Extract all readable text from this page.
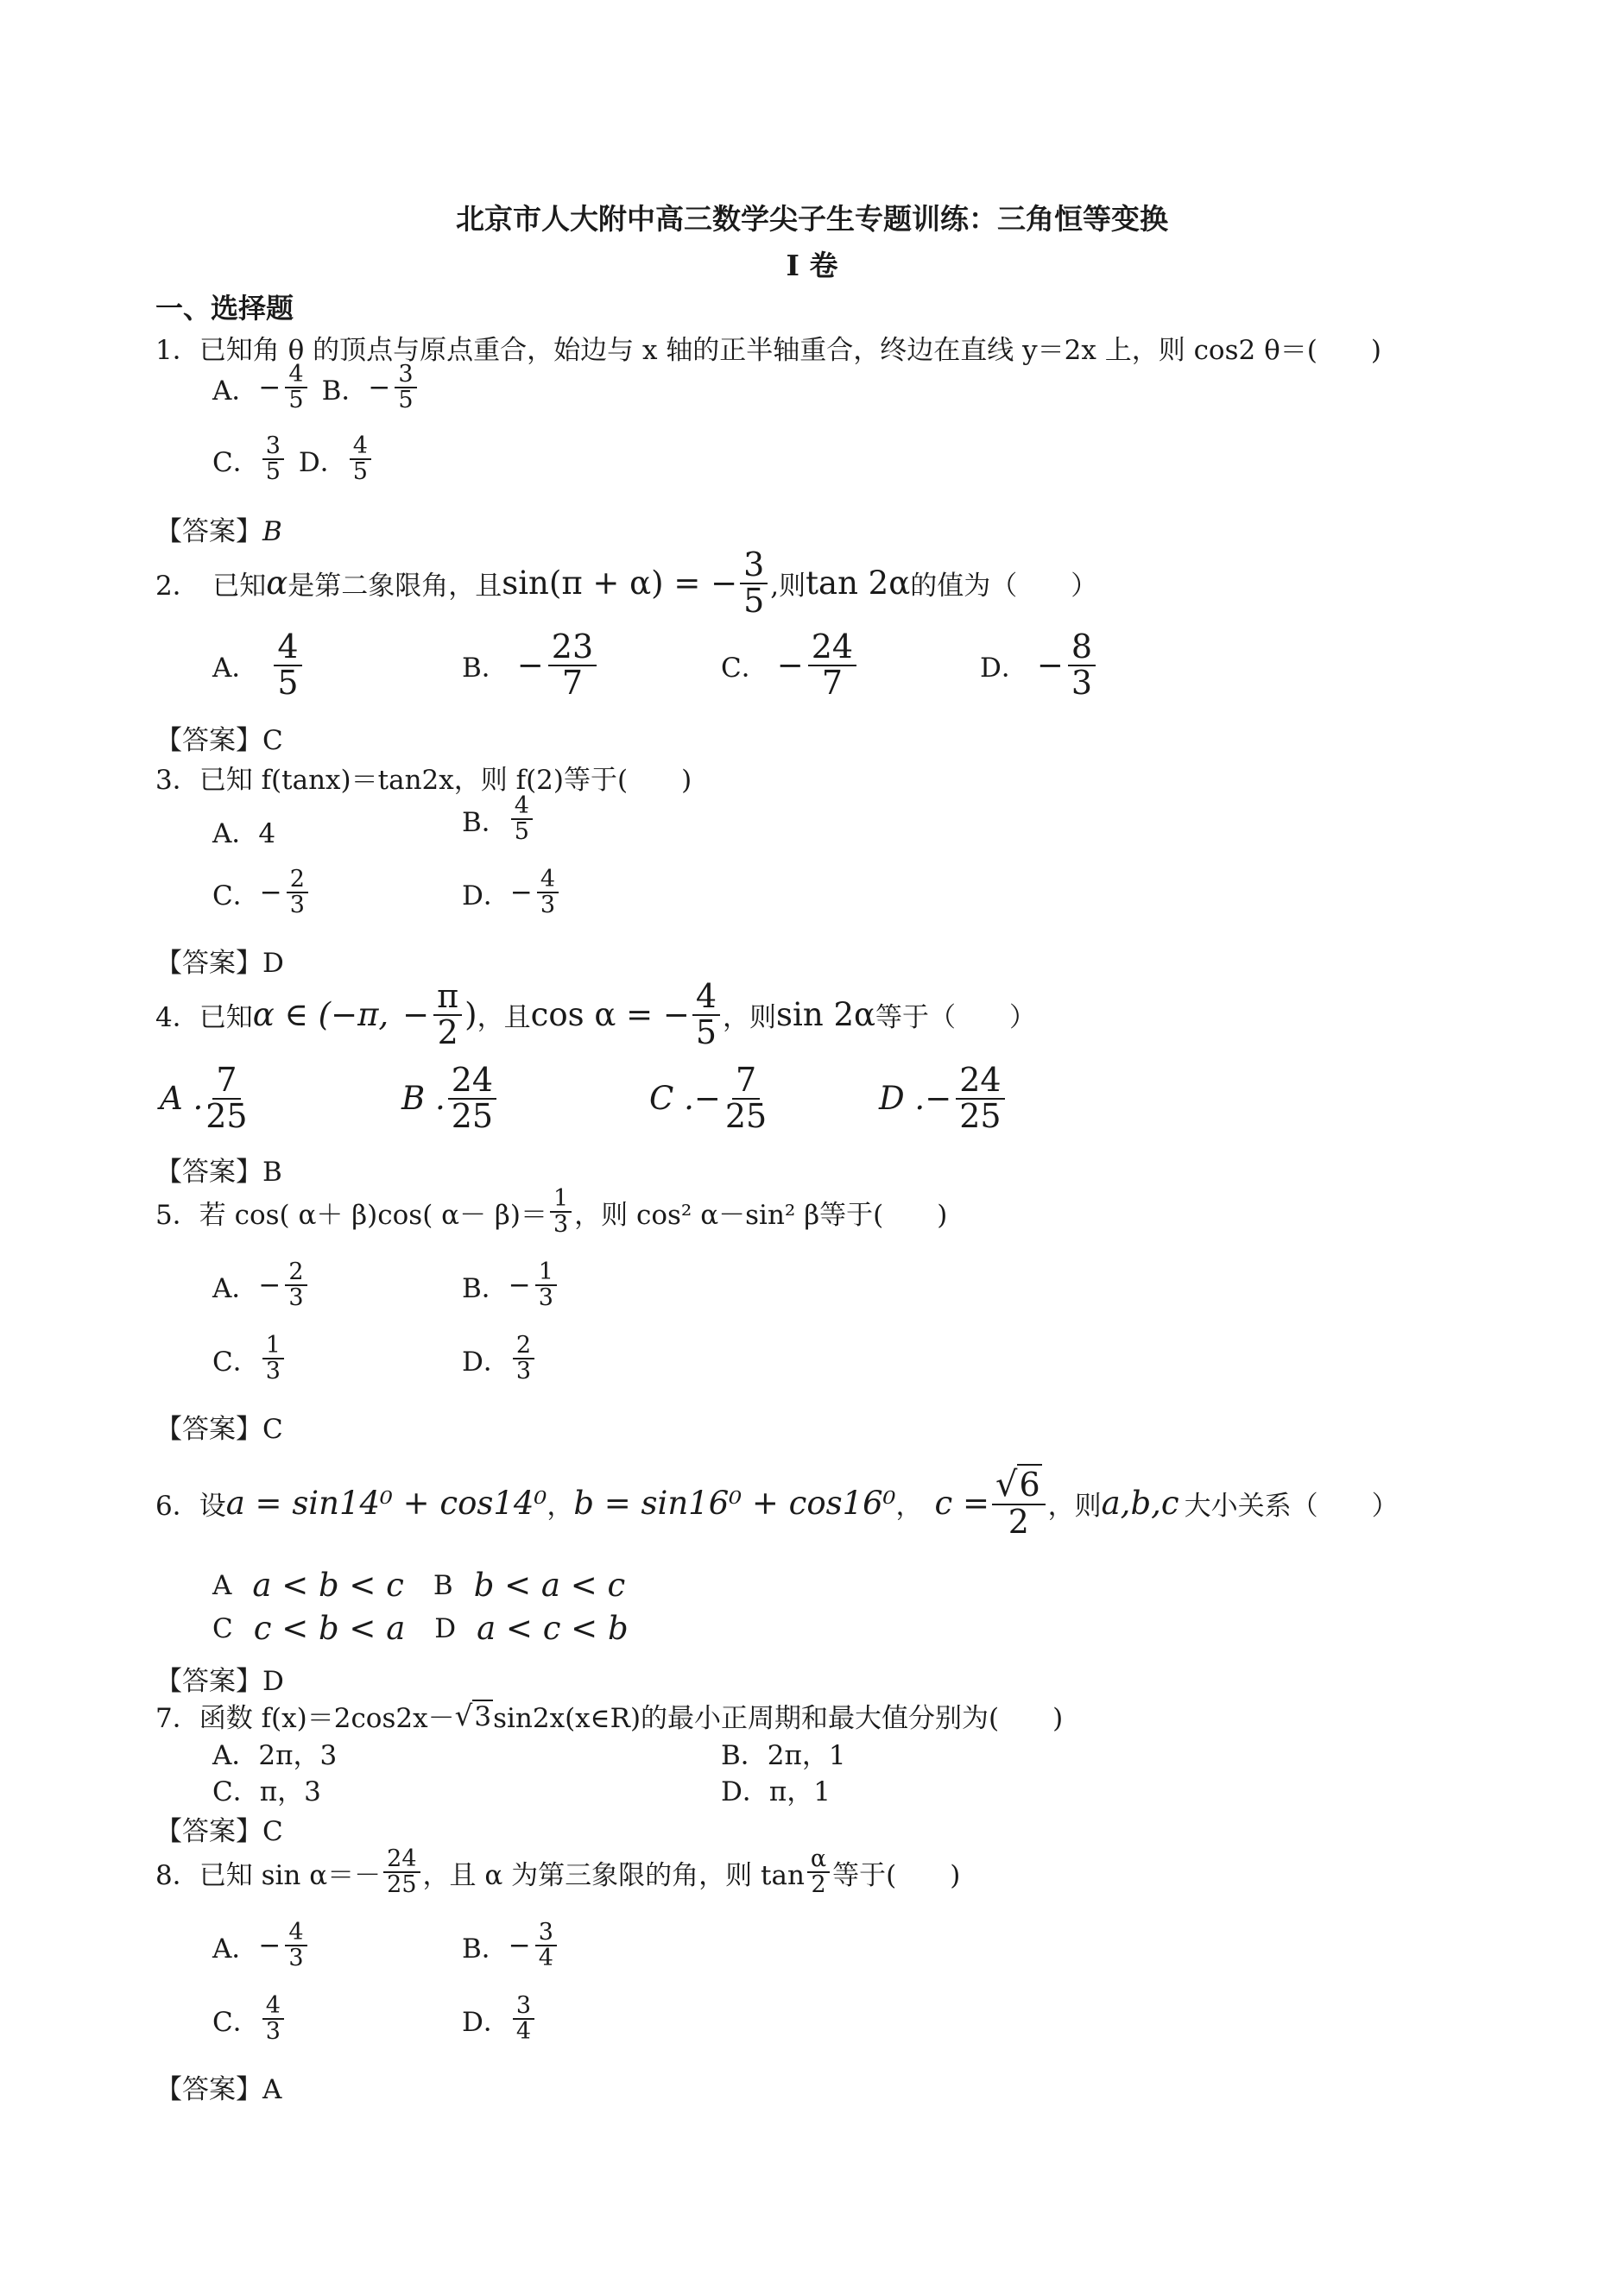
北京市人大附中高三数学尖子生专题训练：三角恒等变换
I 卷
一、选择题
1．已知角 θ 的顶点与原点重合，始边与 x 轴的正半轴重合，终边在直线 y＝2x 上，则 cos2 θ＝(　　)
A． − $\frac{4}{5}$ B． − $\frac{3}{5}$
C． $\frac{3}{5}$ D． $\frac{4}{5}$
【答案】B
2．　已知 α 是第二象限角，且 sin(π + α) = − $\frac{3}{5}$ ,则 tan 2α 的值为（　　）
A． $\frac{4}{5}$	B． − $\frac{23}{7}$	C． − $\frac{24}{7}$	D． − $\frac{8}{3}$
【答案】C
3．已知 f(tanx)＝tan2x，则 f(2)等于(　　)
A．4	B． $\frac{4}{5}$
C． − $\frac{2}{3}$	D． − $\frac{4}{3}$
【答案】D
4．已知 α ∈ (−π, − $\frac{\pi}{2}$ ) ，且 cos α = − $\frac{4}{5}$ ，则 sin 2α 等于（　　）
A . $\frac{7}{25}$	B . $\frac{24}{25}$	C . − $\frac{7}{25}$	D . − $\frac{24}{25}$
【答案】B
5．若 cos( α＋ β)cos( $\alpha- \beta)= \frac{1}{3}$ ，则 cos² α－sin² β等于(　　)
A． − $\frac{2}{3}$	B． − $\frac{1}{3}$
C． $\frac{1}{3}$	D． $\frac{2}{3}$
【答案】C
6．设 a = sin14⁰ + cos14⁰ ， b = sin16⁰ + cos16⁰ ， $c = \frac{√6}{2}$ ，则 a,b,c 大小关系（　　）
A a < b < c B b < a < c
C c < b < a D a < c < b
【答案】D
7．函数 f(x)＝2cos2x－ √ 3 sin2x(x∈R)的最小正周期和最大值分别为(　　)
A．2π，3	B．2π，1
C．π，3	D．π，1
【答案】C
8．已知 $\sin \alpha=- \frac{24}{25}$ ，且 α 为第三象限的角，则 $\tan \frac{\alpha}{2}$ 等于(　　)
A． − $\frac{4}{3}$	B． − $\frac{3}{4}$
C． $\frac{4}{3}$	D． $\frac{3}{4}$
【答案】A
